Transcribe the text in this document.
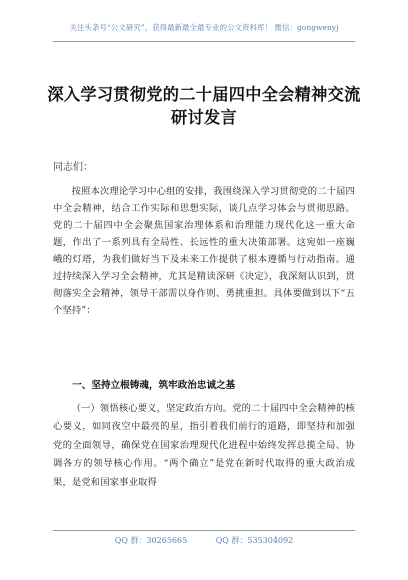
关注头条号“公文研究”，获得最新最全最专业的公文资料库！ 微信：gongwenyj
深入学习贯彻党的二十届四中全会精神交流研讨发言
同志们：

按照本次理论学习中心组的安排，我围绕深入学习贯彻党的二十届四中全会精神，结合工作实际和思想实际，谈几点学习体会与贯彻思路。党的二十届四中全会聚焦国家治理体系和治理能力现代化这一重大命题，作出了一系列具有全局性、长远性的重大决策部署。这宛如一座巍峨的灯塔，为我们做好当下及未来工作提供了根本遵循与行动指南。通过持续深入学习全会精神，尤其是精读深研《决定》，我深刻认识到，贯彻落实全会精神，领导干部需以身作则、勇挑重担。具体要做到以下“五个坚持”：

一、坚持立根铸魂，筑牢政治忠诚之基

（一）领悟核心要义，坚定政治方向。党的二十届四中全会精神的核心要义，如同夜空中最亮的星，指引着我们前行的道路，即坚持和加强党的全面领导，确保党在国家治理现代化进程中始终发挥总揽全局、协调各方的领导核心作用。“两个确立”是党在新时代取得的重大政治成果，是党和国家事业取得

QQ 群：30265665	QQ 群：535304092
